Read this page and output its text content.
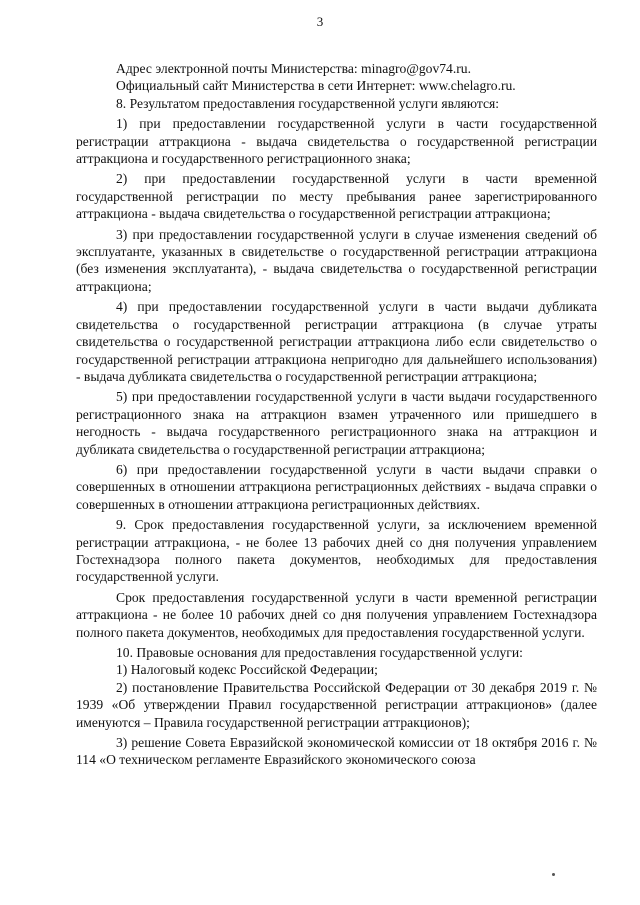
3

Адрес электронной почты Министерства: minagro@gov74.ru.

Официальный сайт Министерства в сети Интернет: www.chelagro.ru.

8. Результатом предоставления государственной услуги являются:

1) при предоставлении государственной услуги в части государственной регистрации аттракциона - выдача свидетельства о государственной регистрации аттракциона и государственного регистрационного знака;

2) при предоставлении государственной услуги в части временной государственной регистрации по месту пребывания ранее зарегистрированного аттракциона - выдача свидетельства о государственной регистрации аттракциона;

3) при предоставлении государственной услуги в случае изменения сведений об эксплуатанте, указанных в свидетельстве о государственной регистрации аттракциона (без изменения эксплуатанта), - выдача свидетельства о государственной регистрации аттракциона;

4) при предоставлении государственной услуги в части выдачи дубликата свидетельства о государственной регистрации аттракциона (в случае утраты свидетельства о государственной регистрации аттракциона либо если свидетельство о государственной регистрации аттракциона непригодно для дальнейшего использования) - выдача дубликата свидетельства о государственной регистрации аттракциона;

5) при предоставлении государственной услуги в части выдачи государственного регистрационного знака на аттракцион взамен утраченного или пришедшего в негодность - выдача государственного регистрационного знака на аттракцион и дубликата свидетельства о государственной регистрации аттракциона;

6) при предоставлении государственной услуги в части выдачи справки о совершенных в отношении аттракциона регистрационных действиях - выдача справки о совершенных в отношении аттракциона регистрационных действиях.

9. Срок предоставления государственной услуги, за исключением временной регистрации аттракциона, - не более 13 рабочих дней со дня получения управлением Гостехнадзора полного пакета документов, необходимых для предоставления государственной услуги.

Срок предоставления государственной услуги в части временной регистрации аттракциона - не более 10 рабочих дней со дня получения управлением Гостехнадзора полного пакета документов, необходимых для предоставления государственной услуги.

10. Правовые основания для предоставления государственной услуги:

1) Налоговый кодекс Российской Федерации;

2) постановление Правительства Российской Федерации от 30 декабря 2019 г. № 1939 «Об утверждении Правил государственной регистрации аттракционов» (далее именуются – Правила государственной регистрации аттракционов);

3) решение Совета Евразийской экономической комиссии от 18 октября 2016 г. № 114 «О техническом регламенте Евразийского экономического союза
